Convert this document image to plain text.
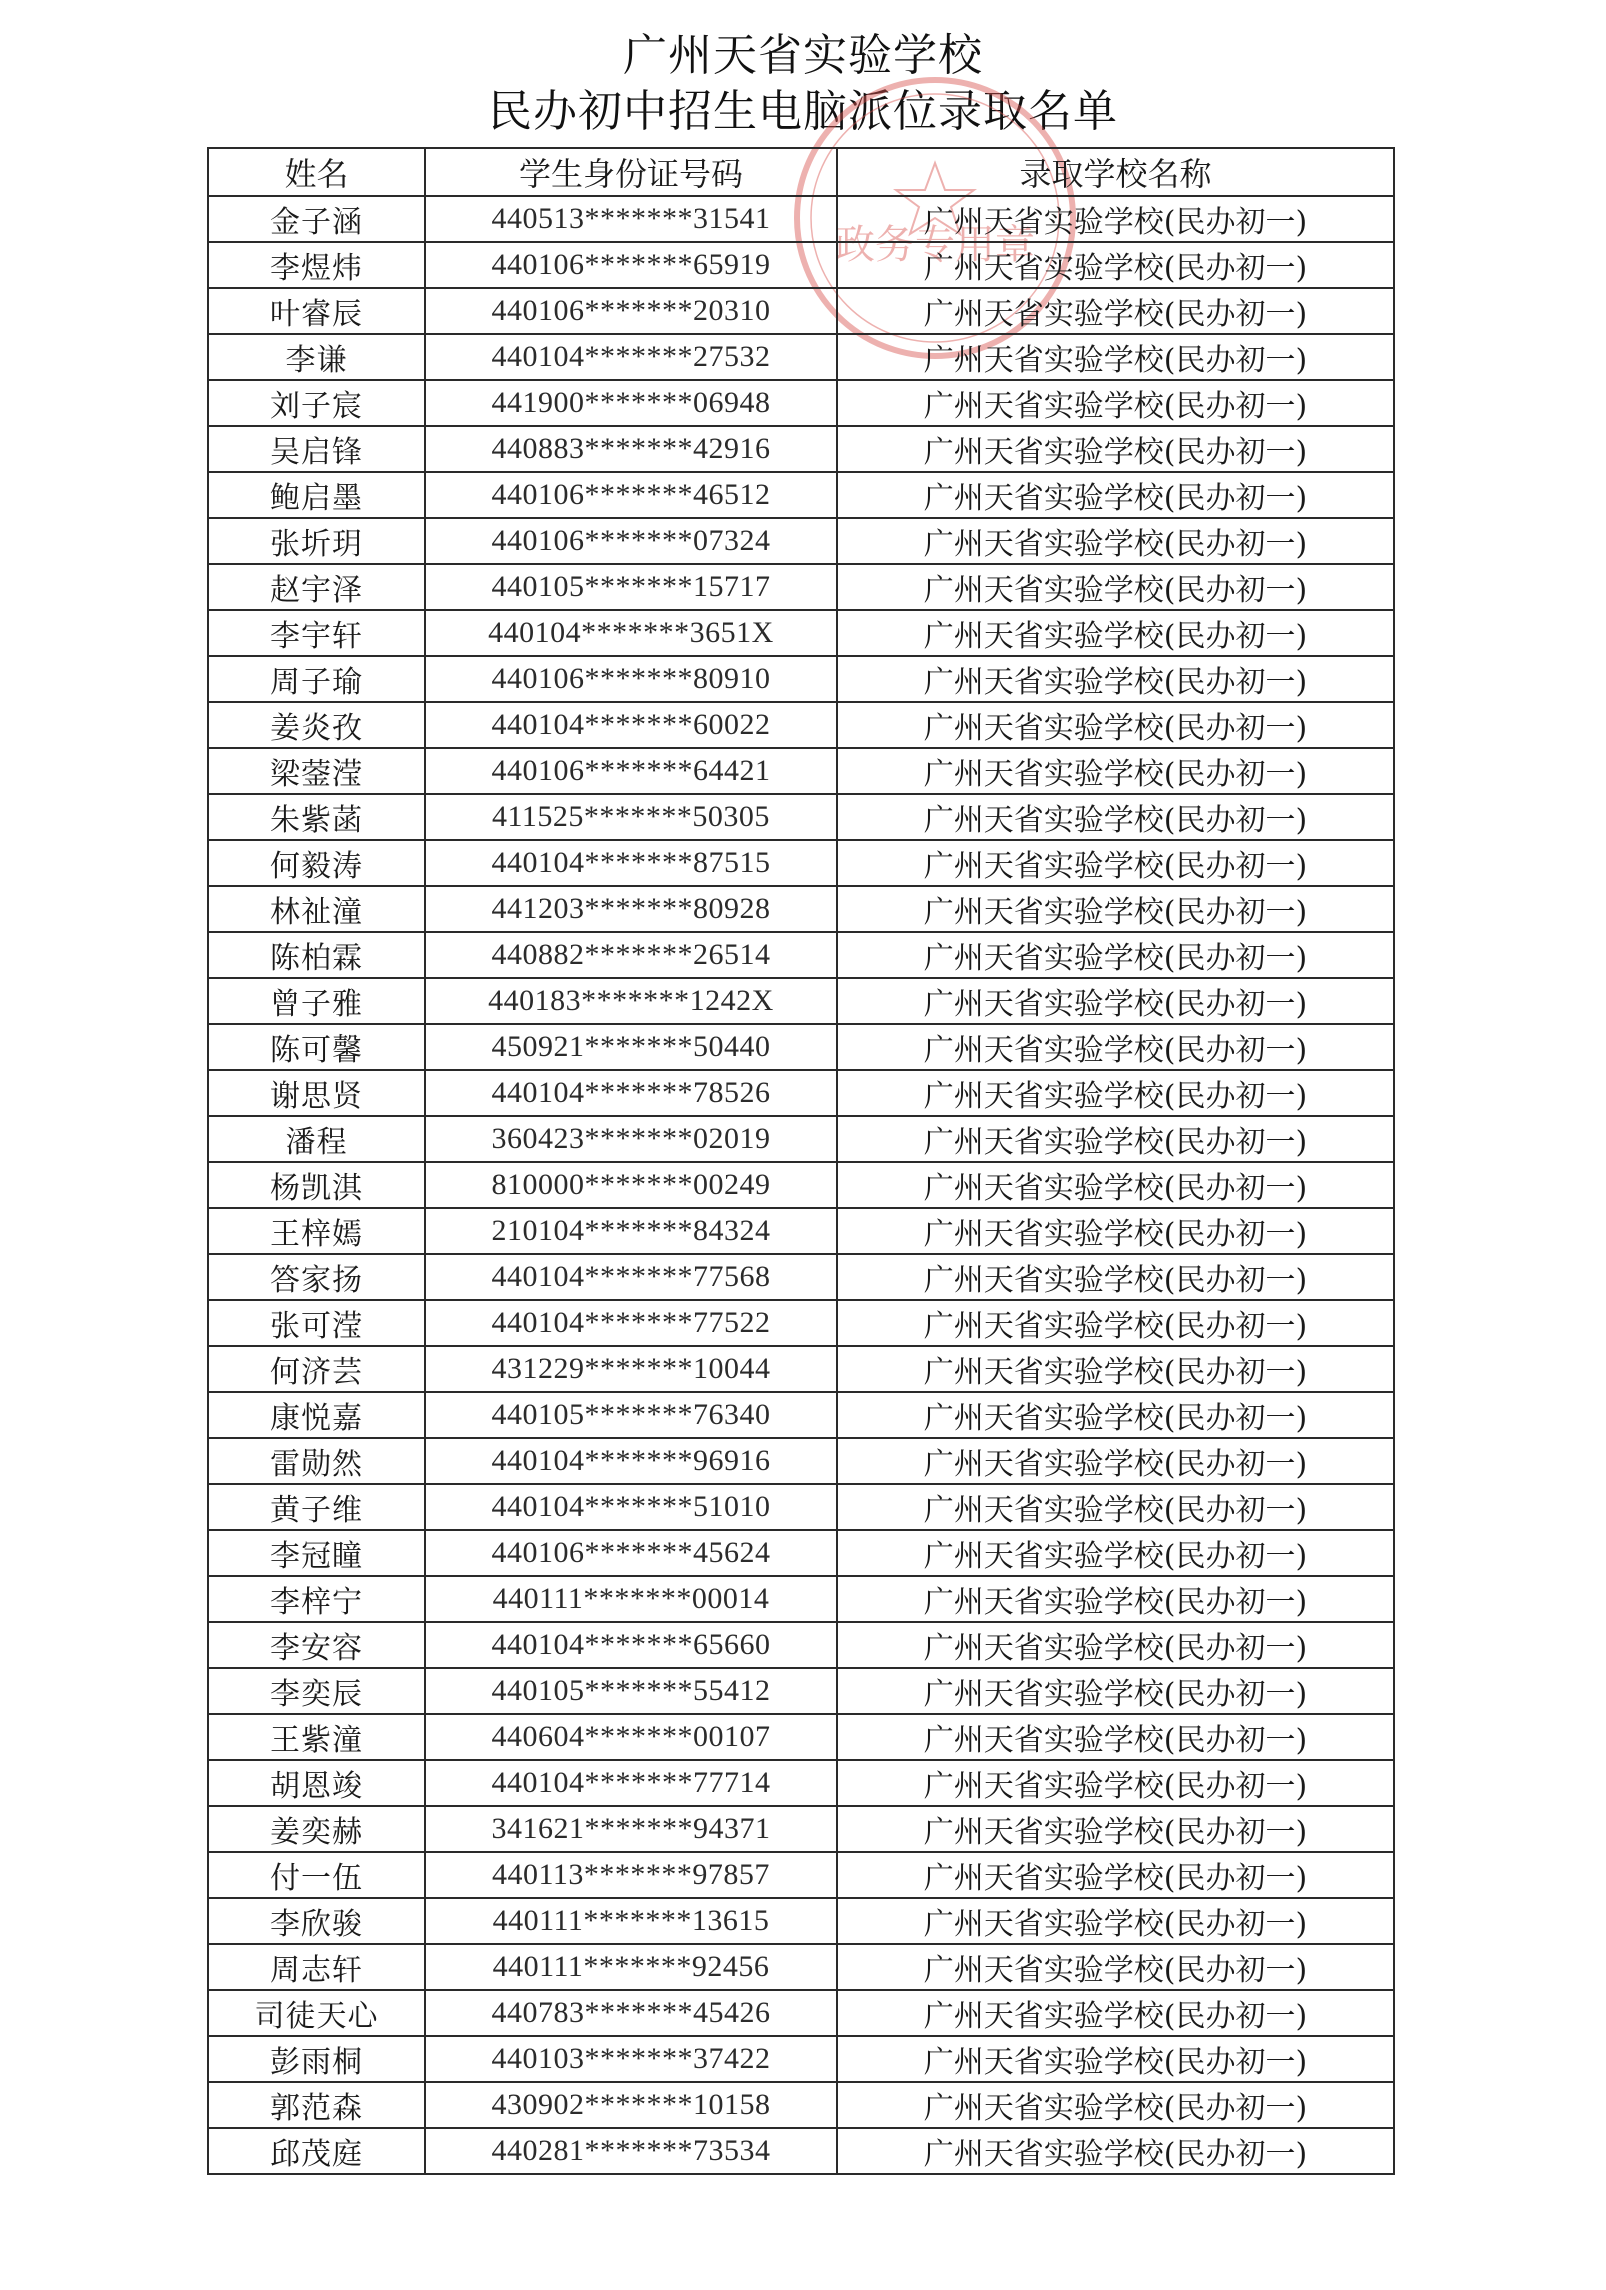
广州天省实验学校
民办初中招生电脑派位录取名单
政务专用章
姓名	学生身份证号码	录取学校名称
金子涵	440513*******31541	广州天省实验学校(民办初一)
李煜炜	440106*******65919	广州天省实验学校(民办初一)
叶睿辰	440106*******20310	广州天省实验学校(民办初一)
李谦	440104*******27532	广州天省实验学校(民办初一)
刘子宸	441900*******06948	广州天省实验学校(民办初一)
吴启锋	440883*******42916	广州天省实验学校(民办初一)
鲍启墨	440106*******46512	广州天省实验学校(民办初一)
张圻玥	440106*******07324	广州天省实验学校(民办初一)
赵宇泽	440105*******15717	广州天省实验学校(民办初一)
李宇轩	440104*******3651X	广州天省实验学校(民办初一)
周子瑜	440106*******80910	广州天省实验学校(民办初一)
姜炎孜	440104*******60022	广州天省实验学校(民办初一)
梁蓥滢	440106*******64421	广州天省实验学校(民办初一)
朱紫菡	411525*******50305	广州天省实验学校(民办初一)
何毅涛	440104*******87515	广州天省实验学校(民办初一)
林祉潼	441203*******80928	广州天省实验学校(民办初一)
陈柏霖	440882*******26514	广州天省实验学校(民办初一)
曾子雅	440183*******1242X	广州天省实验学校(民办初一)
陈可馨	450921*******50440	广州天省实验学校(民办初一)
谢思贤	440104*******78526	广州天省实验学校(民办初一)
潘程	360423*******02019	广州天省实验学校(民办初一)
杨凯淇	810000*******00249	广州天省实验学校(民办初一)
王梓嫣	210104*******84324	广州天省实验学校(民办初一)
答家扬	440104*******77568	广州天省实验学校(民办初一)
张可滢	440104*******77522	广州天省实验学校(民办初一)
何济芸	431229*******10044	广州天省实验学校(民办初一)
康悦嘉	440105*******76340	广州天省实验学校(民办初一)
雷勋然	440104*******96916	广州天省实验学校(民办初一)
黄子维	440104*******51010	广州天省实验学校(民办初一)
李冠瞳	440106*******45624	广州天省实验学校(民办初一)
李梓宁	440111*******00014	广州天省实验学校(民办初一)
李安容	440104*******65660	广州天省实验学校(民办初一)
李奕辰	440105*******55412	广州天省实验学校(民办初一)
王紫潼	440604*******00107	广州天省实验学校(民办初一)
胡恩竣	440104*******77714	广州天省实验学校(民办初一)
姜奕赫	341621*******94371	广州天省实验学校(民办初一)
付一伍	440113*******97857	广州天省实验学校(民办初一)
李欣骏	440111*******13615	广州天省实验学校(民办初一)
周志轩	440111*******92456	广州天省实验学校(民办初一)
司徒天心	440783*******45426	广州天省实验学校(民办初一)
彭雨桐	440103*******37422	广州天省实验学校(民办初一)
郭范森	430902*******10158	广州天省实验学校(民办初一)
邱茂庭	440281*******73534	广州天省实验学校(民办初一)
